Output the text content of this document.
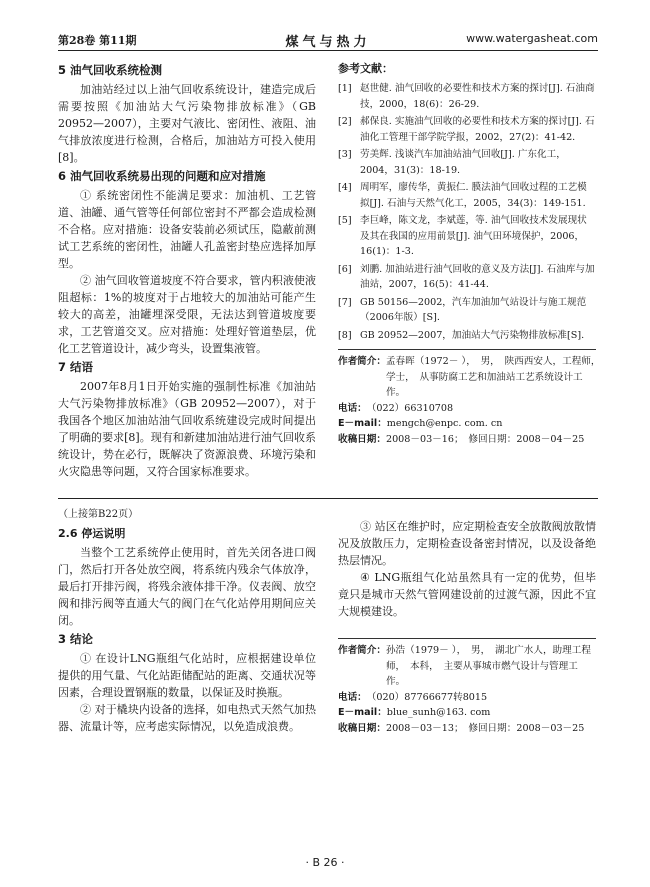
第28卷 第11期	煤气与热力	www.watergasheat.com
5 油气回收系统检测

加油站经过以上油气回收系统设计，建造完成后需要按照《加油站大气污染物排放标准》（GB 20952—2007），主要对气液比、密闭性、液阻、油气排放浓度进行检测，合格后，加油站方可投入使用[8]。

6 油气回收系统易出现的问题和应对措施

① 系统密闭性不能满足要求：加油机、工艺管道、油罐、通气管等任何部位密封不严都会造成检测不合格。应对措施：设备安装前必须试压，隐蔽前测试工艺系统的密闭性，油罐人孔盖密封垫应选择加厚型。

② 油气回收管道坡度不符合要求，管内积液使液阻超标：1%的坡度对于占地较大的加油站可能产生较大的高差，油罐埋深受限，无法达到管道坡度要求，工艺管道交叉。应对措施：处理好管道垫层，优化工艺管道设计，减少弯头，设置集液管。

7 结语

2007年8月1日开始实施的强制性标准《加油站大气污染物排放标准》（GB 20952—2007），对于我国各个地区加油站油气回收系统建设完成时间提出了明确的要求[8]。现有和新建加油站进行油气回收系统设计，势在必行，既解决了资源浪费、环境污染和火灾隐患等问题，又符合国家标准要求。

参考文献：
[1] 赵世健. 油气回收的必要性和技术方案的探讨[J]. 石油商技，2000，18(6)：26-29.
[2] 郝保良. 实施油气回收的必要性和技术方案的探讨[J]. 石油化工管理干部学院学报，2002，27(2)：41-42.
[3] 劳美辉. 浅谈汽车加油站油气回收[J]. 广东化工，2004，31(3)：18-19.
[4] 周明军，廖传华，黄振仁. 膜法油气回收过程的工艺模拟[J]. 石油与天然气化工，2005，34(3)：149-151.
[5] 李巨峰，陈文龙，李斌莲，等. 油气回收技术发展现状及其在我国的应用前景[J]. 油气田环境保护，2006，16(1)：1-3.
[6] 刘鹏. 加油站进行油气回收的意义及方法[J]. 石油库与加油站，2007，16(5)：41-44.
[7] GB 50156—2002，汽车加油加气站设计与施工规范（2006年版）[S].
[8] GB 20952—2007，加油站大气污染物排放标准[S].
作者简介： 孟春晖（1972－ ），　男，　陕西西安人，工程师，　学士，　从事防腐工艺和加油站工艺系统设计工作。
电话： （022）66310708
E－mail： mengch@enpc. com. cn
收稿日期： 2008－03－16；　修回日期：2008－04－25
（上接第B22页）
2.6 停运说明

当整个工艺系统停止使用时，首先关闭各进口阀门，然后打开各处放空阀，将系统内残余气体放净，最后打开排污阀，将残余液体排干净。仪表阀、放空阀和排污阀等直通大气的阀门在气化站停用期间应关闭。

3 结论

① 在设计LNG瓶组气化站时，应根据建设单位提供的用气量、气化站距储配站的距离、交通状况等因素，合理设置钢瓶的数量，以保证及时换瓶。

② 对于橇块内设备的选择，如电热式天然气加热器、流量计等，应考虑实际情况，以免造成浪费。

③ 站区在维护时，应定期检查安全放散阀放散情况及放散压力，定期检查设备密封情况，以及设备绝热层情况。

④ LNG瓶组气化站虽然具有一定的优势，但毕竟只是城市天然气管网建设前的过渡气源，因此不宜大规模建设。

作者简介： 孙浩（1979－ ），　男，　湖北广水人，助理工程师，　本科，　主要从事城市燃气设计与管理工作。
电话： （020）87766677转8015
E－mail： blue_sunh@163. com
收稿日期： 2008－03－13；　修回日期：2008－03－25
· B 26 ·
